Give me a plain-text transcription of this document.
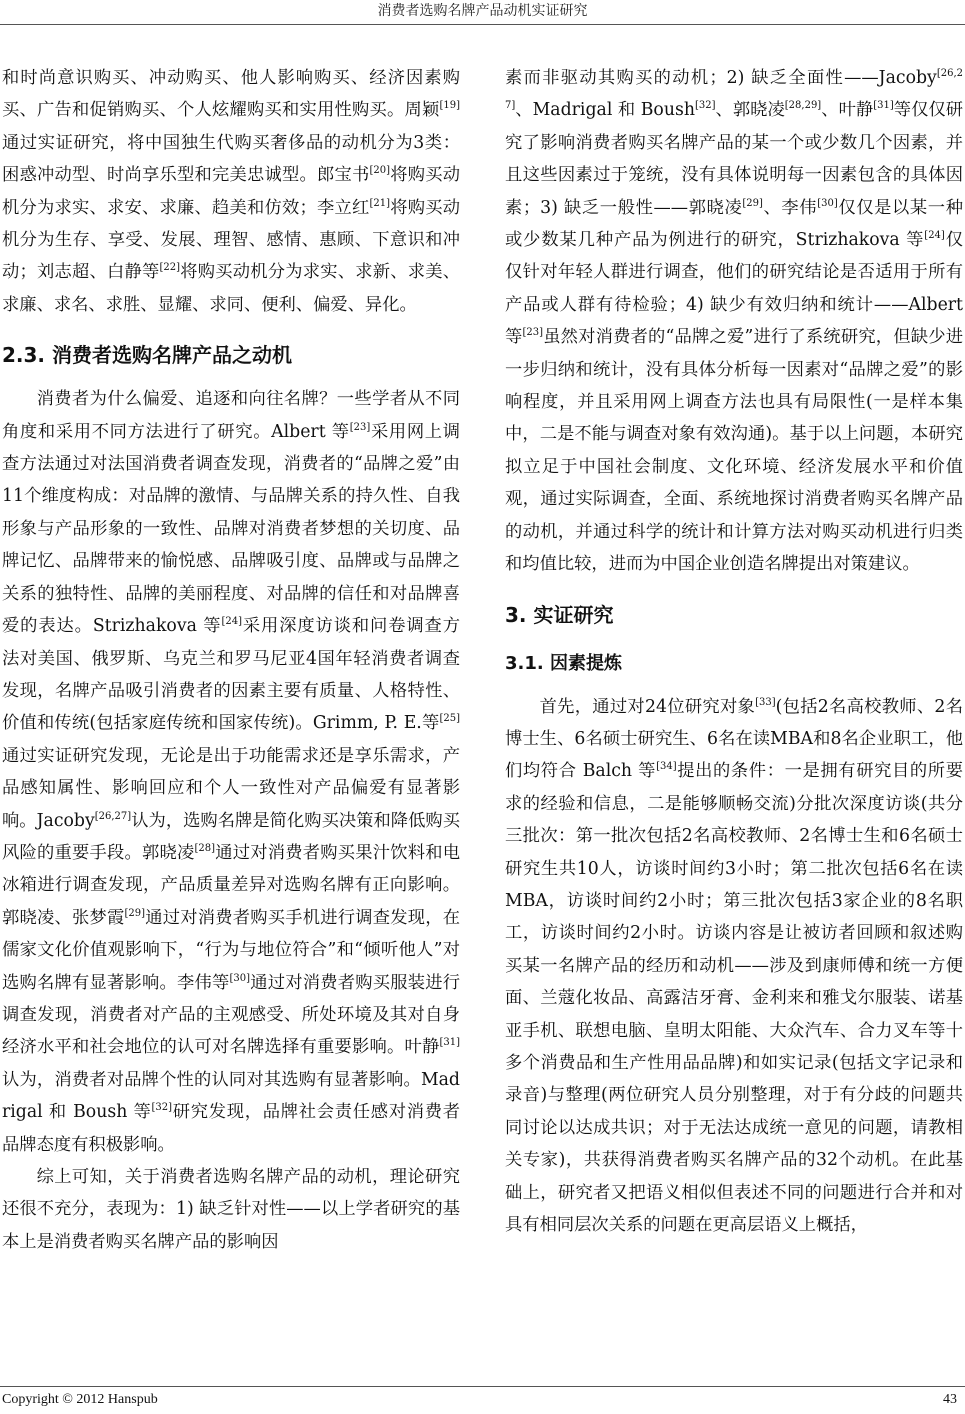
消费者选购名牌产品动机实证研究

和时尚意识购买、冲动购买、他人影响购买、经济因素购买、广告和促销购买、个人炫耀购买和实用性购买。周颖[19]通过实证研究，将中国独生代购买奢侈品的动机分为3类：困惑冲动型、时尚享乐型和完美忠诚型。郎宝书[20]将购买动机分为求实、求安、求廉、趋美和仿效；李立红[21]将购买动机分为生存、享受、发展、理智、感情、惠顾、下意识和冲动；刘志超、白静等[22]将购买动机分为求实、求新、求美、求廉、求名、求胜、显耀、求同、便利、偏爱、异化。

2.3. 消费者选购名牌产品之动机

消费者为什么偏爱、追逐和向往名牌？一些学者从不同角度和采用不同方法进行了研究。Albert 等[23]采用网上调查方法通过对法国消费者调查发现，消费者的“品牌之爱”由11个维度构成：对品牌的激情、与品牌关系的持久性、自我形象与产品形象的一致性、品牌对消费者梦想的关切度、品牌记忆、品牌带来的愉悦感、品牌吸引度、品牌或与品牌之关系的独特性、品牌的美丽程度、对品牌的信任和对品牌喜爱的表达。Strizhakova 等[24]采用深度访谈和问卷调查方法对美国、俄罗斯、乌克兰和罗马尼亚4国年轻消费者调查发现，名牌产品吸引消费者的因素主要有质量、人格特性、价值和传统(包括家庭传统和国家传统)。Grimm, P. E.等[25]通过实证研究发现，无论是出于功能需求还是享乐需求，产品感知属性、影响回应和个人一致性对产品偏爱有显著影响。Jacoby[26,27]认为，选购名牌是简化购买决策和降低购买风险的重要手段。郭晓凌[28]通过对消费者购买果汁饮料和电冰箱进行调查发现，产品质量差异对选购名牌有正向影响。郭晓凌、张梦霞[29]通过对消费者购买手机进行调查发现，在儒家文化价值观影响下，“行为与地位符合”和“倾听他人”对选购名牌有显著影响。李伟等[30]通过对消费者购买服装进行调查发现，消费者对产品的主观感受、所处环境及其对自身经济水平和社会地位的认可对名牌选择有重要影响。叶静[31]认为，消费者对品牌个性的认同对其选购有显著影响。Madrigal 和 Boush 等[32]研究发现，品牌社会责任感对消费者品牌态度有积极影响。

综上可知，关于消费者选购名牌产品的动机，理论研究还很不充分，表现为：1) 缺乏针对性——以上学者研究的基本上是消费者购买名牌产品的影响因

素而非驱动其购买的动机；2) 缺乏全面性——Jacoby[26,27]、Madrigal 和 Boush[32]、郭晓凌[28,29]、叶静[31]等仅仅研究了影响消费者购买名牌产品的某一个或少数几个因素，并且这些因素过于笼统，没有具体说明每一因素包含的具体因素；3) 缺乏一般性——郭晓凌[29]、李伟[30]仅仅是以某一种或少数某几种产品为例进行的研究，Strizhakova 等[24]仅仅针对年轻人群进行调查，他们的研究结论是否适用于所有产品或人群有待检验；4) 缺少有效归纳和统计——Albert 等[23]虽然对消费者的“品牌之爱”进行了系统研究，但缺少进一步归纳和统计，没有具体分析每一因素对“品牌之爱”的影响程度，并且采用网上调查方法也具有局限性(一是样本集中，二是不能与调查对象有效沟通)。基于以上问题，本研究拟立足于中国社会制度、文化环境、经济发展水平和价值观，通过实际调查，全面、系统地探讨消费者购买名牌产品的动机，并通过科学的统计和计算方法对购买动机进行归类和均值比较，进而为中国企业创造名牌提出对策建议。

3. 实证研究
3.1. 因素提炼

首先，通过对24位研究对象[33](包括2名高校教师、2名博士生、6名硕士研究生、6名在读MBA和8名企业职工，他们均符合 Balch 等[34]提出的条件：一是拥有研究目的所要求的经验和信息，二是能够顺畅交流)分批次深度访谈(共分三批次：第一批次包括2名高校教师、2名博士生和6名硕士研究生共10人，访谈时间约3小时；第二批次包括6名在读MBA，访谈时间约2小时；第三批次包括3家企业的8名职工，访谈时间约2小时。访谈内容是让被访者回顾和叙述购买某一名牌产品的经历和动机——涉及到康师傅和统一方便面、兰蔻化妆品、高露洁牙膏、金利来和雅戈尔服装、诺基亚手机、联想电脑、皇明太阳能、大众汽车、合力叉车等十多个消费品和生产性用品品牌)和如实记录(包括文字记录和录音)与整理(两位研究人员分别整理，对于有分歧的问题共同讨论以达成共识；对于无法达成统一意见的问题，请教相关专家)，共获得消费者购买名牌产品的32个动机。在此基础上，研究者又把语义相似但表述不同的问题进行合并和对具有相同层次关系的问题在更高层语义上概括，

Copyright © 2012 Hanspub	43
